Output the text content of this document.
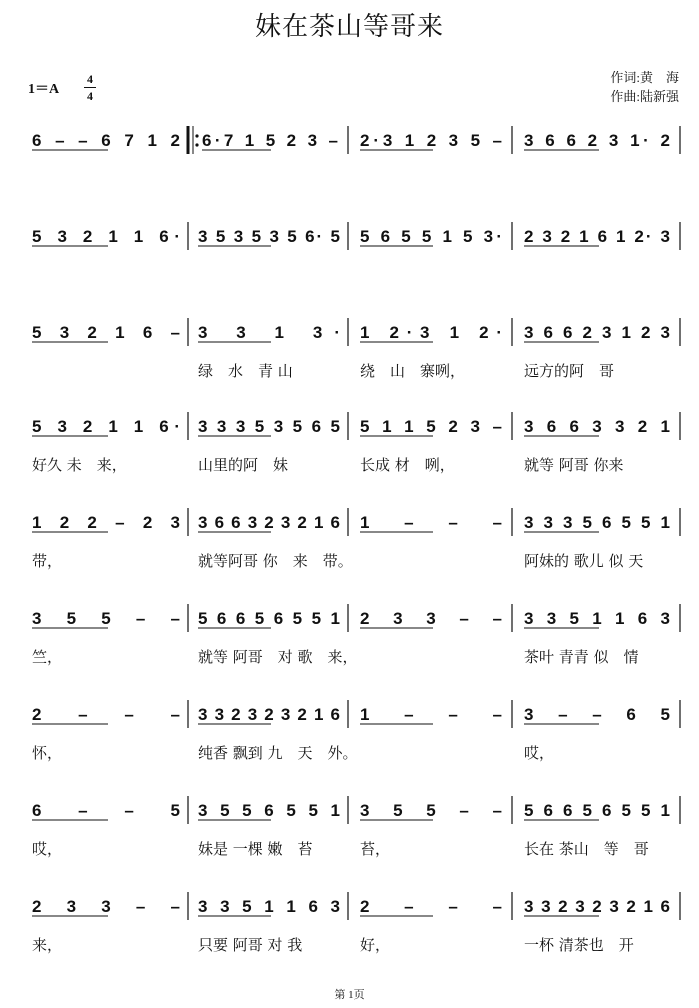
妹在茶山等哥来
1＝A
4
4
作词:黄　海
作曲:陆新强
6 – – 6 7 1 2 6·7 1 5 2 3 – 2·3 1 2 3 5 – 3 6 6 2 3 1· 2
5 3 2 1 1 6· 3 5 3 5 3 5 6· 5 5 6 5 5 1 5 3· 2 3 2 1 6 1 2· 3
5 3 2 1 6 – 3 3 1 3·
绿　水　青 山
1 2·3 1 2·
绕　山　寨咧，
3 6 6 2 3 1 2 3
远方的阿　哥
5 3 2 1 1 6·
好久 未　来，
3 3 3 5 3 5 6 5
山里的阿　妹
5 1 1 5 2 3 –
长成 材　咧，
3 6 6 3 3 2 1
就等 阿哥 你来
1 2 2 – 2 3
带，
3 6 6 3 2 3 2 1 6
就等阿哥 你　来　带。
1 – – – 3 3 3 5 6 5 5 1
阿妹的 歌儿 似 天
3 5 5 – –
竺，
5 6 6 5 6 5 5 1
就等 阿哥　对 歌　来，
2 3 3 – – 3 3 5 1 1 6 3
茶叶 青青 似　情
2 – – –
怀，
3 3 2 3 2 3 2 1 6
纯香 飘到 九　天　外。
1 – – – 3 – – 6 5
哎，
6 – – 5
哎，
3 5 5 6 5 5 1
妹是 一棵 嫩　苔
3 5 5 – –
苔，
5 6 6 5 6 5 5 1
长在 茶山　等　哥
2 3 3 – –
来，
3 3 5 1 1 6 3
只要 阿哥 对 我
2 – – –
好，
3 3 2 3 2 3 2 1 6
一杯 清茶也　开
第 1页
